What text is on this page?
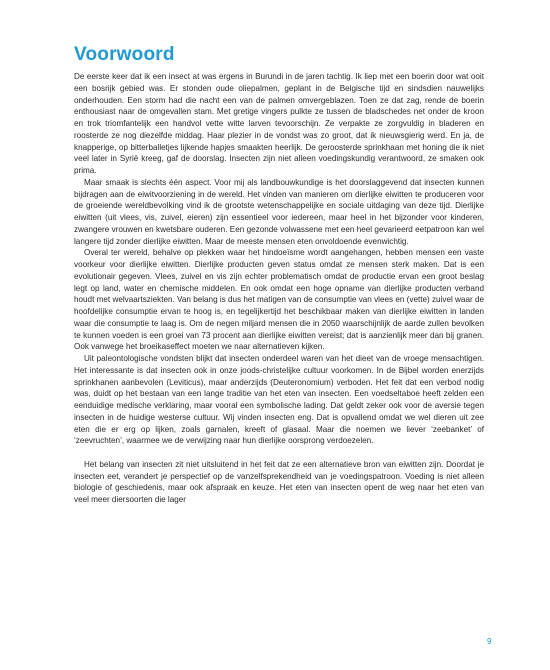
Voorwoord

De eerste keer dat ik een insect at was ergens in Burundi in de jaren tachtig. Ik liep met een boerin door wat ooit een bosrijk gebied was. Er stonden oude oliepalmen, geplant in de Belgische tijd en sindsdien nauwelijks onderhouden. Een storm had die nacht een van de palmen omvergeblazen. Toen ze dat zag, rende de boerin enthousiast naar de omgevallen stam. Met gretige vingers pulkte ze tussen de bladschedes net onder de kroon en trok triomfantelijk een handvol vette witte larven tevoorschijn. Ze verpakte ze zorgvuldig in bladeren en roosterde ze nog diezelfde middag. Haar plezier in de vondst was zo groot, dat ik nieuwsgierig werd. En ja, de knapperige, op bitterballetjes lijkende hapjes smaakten heerlijk. De geroosterde sprinkhaan met honing die ik niet veel later in Syrië kreeg, gaf de doorslag. Insecten zijn niet alleen voedingskundig verantwoord, ze smaken ook prima.

Maar smaak is slechts één aspect. Voor mij als landbouwkundige is het doorslaggevend dat insecten kunnen bijdragen aan de eiwitvoorziening in de wereld. Het vinden van manieren om dierlijke eiwitten te produceren voor de groeiende wereldbevolking vind ik de grootste wetenschappelijke en sociale uitdaging van deze tijd. Dierlijke eiwitten (uit vlees, vis, zuivel, eieren) zijn essentieel voor iedereen, maar heel in het bijzonder voor kinderen, zwangere vrouwen en kwetsbare ouderen. Een gezonde volwassene met een heel gevarieerd eetpatroon kan wel langere tijd zonder dierlijke eiwitten. Maar de meeste mensen eten onvoldoende evenwichtig.

Overal ter wereld, behalve op plekken waar het hindoeïsme wordt aangehangen, hebben mensen een vaste voorkeur voor dierlijke eiwitten. Dierlijke producten geven status omdat ze mensen sterk maken. Dat is een evolutionair gegeven. Vlees, zuivel en vis zijn echter problematisch omdat de productie ervan een groot beslag legt op land, water en chemische middelen. En ook omdat een hoge opname van dierlijke producten verband houdt met welvaartsziekten. Van belang is dus het matigen van de consumptie van vlees en (vette) zuivel waar de hoofdelijke consumptie ervan te hoog is, en tegelijkertijd het beschikbaar maken van dierlijke eiwitten in landen waar die consumptie te laag is. Om de negen miljard mensen die in 2050 waarschijnlijk de aarde zullen bevolken te kunnen voeden is een groei van 73 procent aan dierlijke eiwitten vereist; dat is aanzienlijk meer dan bij granen. Ook vanwege het broeikaseffect moeten we naar alternatieven kijken.

Uit paleontologische vondsten blijkt dat insecten onderdeel waren van het dieet van de vroege mensachtigen. Het interessante is dat insecten ook in onze joods-christelijke cultuur voorkomen. In de Bijbel worden enerzijds sprinkhanen aanbevolen (Leviticus), maar anderzijds (Deuteronomium) verboden. Het feit dat een verbod nodig was, duidt op het bestaan van een lange traditie van het eten van insecten. Een voedseltaboe heeft zelden een eenduidige medische verklaring, maar vooral een symbolische lading. Dat geldt zeker ook voor de aversie tegen insecten in de huidige westerse cultuur. Wij vinden insecten eng. Dat is opvallend omdat we wel dieren uit zee eten die er erg op lijken, zoals garnalen, kreeft of glasaal. Maar die noemen we liever ‘zeebanket’ of ‘zeevruchten’, waarmee we de verwijzing naar hun dierlijke oorsprong verdoezelen.

Het belang van insecten zit niet uitsluitend in het feit dat ze een alternatieve bron van eiwitten zijn. Doordat je insecten eet, verandert je perspectief op de vanzelfsprekendheid van je voedingspatroon. Voeding is niet alleen biologie of geschiedenis, maar ook afspraak en keuze. Het eten van insecten opent de weg naar het eten van veel meer diersoorten die lager

9
